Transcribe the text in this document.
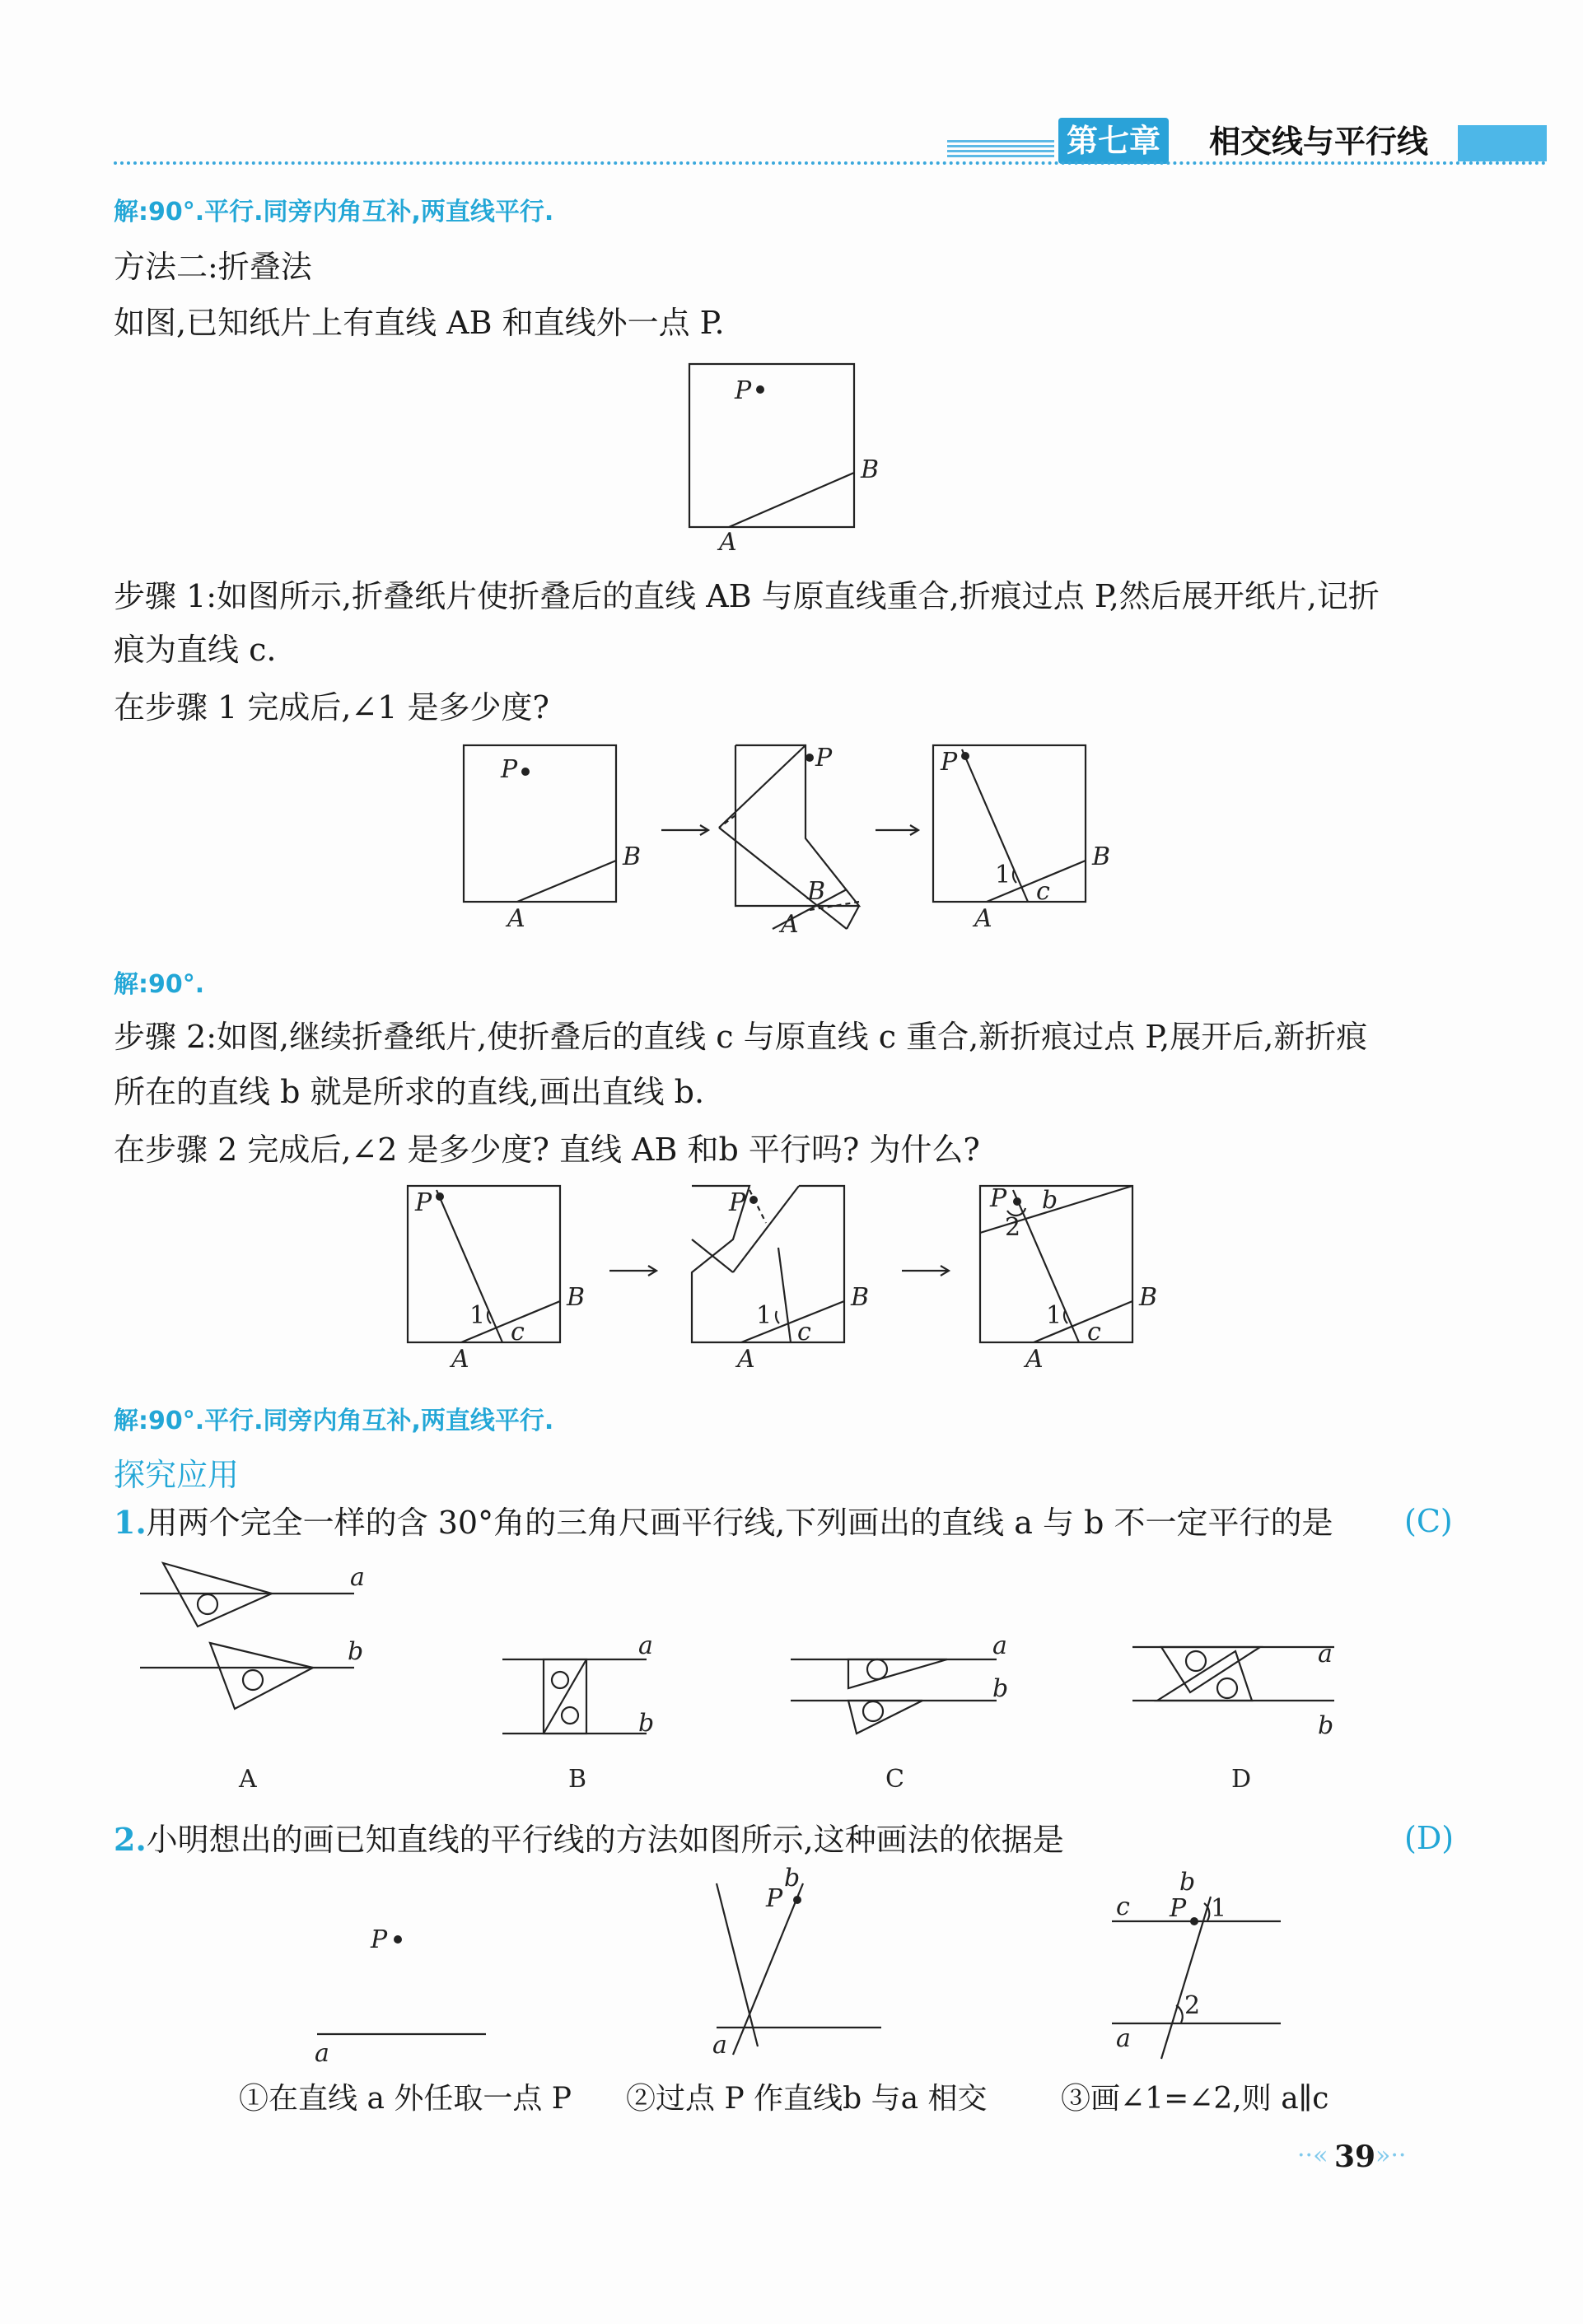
第七章 相交线与平行线
解:90°.平行.同旁内角互补,两直线平行.
方法二:折叠法
如图,已知纸片上有直线 AB 和直线外一点 P.
P
B
A
步骤 1:如图所示,折叠纸片使折叠后的直线 AB 与原直线重合,折痕过点 P,然后展开纸片,记折
痕为直线 c.
在步骤 1 完成后,∠1 是多少度?
P
B
A
P
B
A
P
B
A
1
c
解:90°.
步骤 2:如图,继续折叠纸片,使折叠后的直线 c 与原直线 c 重合,新折痕过点 P,展开后,新折痕
所在的直线 b 就是所求的直线,画出直线 b.
在步骤 2 完成后,∠2 是多少度? 直线 AB 和b 平行吗? 为什么?
P
B
A
1
c
P
B
A
1
c
P b
2
B
A
1
c
解:90°.平行.同旁内角互补,两直线平行.
探究应用
1.用两个完全一样的含 30°角的三角尺画平行线,下列画出的直线 a 与 b 不一定平行的是 (C)
a
b
A
a
b
B
a
b
C
a
b
D
2.小明想出的画已知直线的平行线的方法如图所示,这种画法的依据是	(D)
P
a
P
b
a
b
c P 1
2
a
①在直线 a 外任取一点 P ②过点 P 作直线b 与a 相交 ③画∠1=∠2,则 a∥c
··« 39 »··
